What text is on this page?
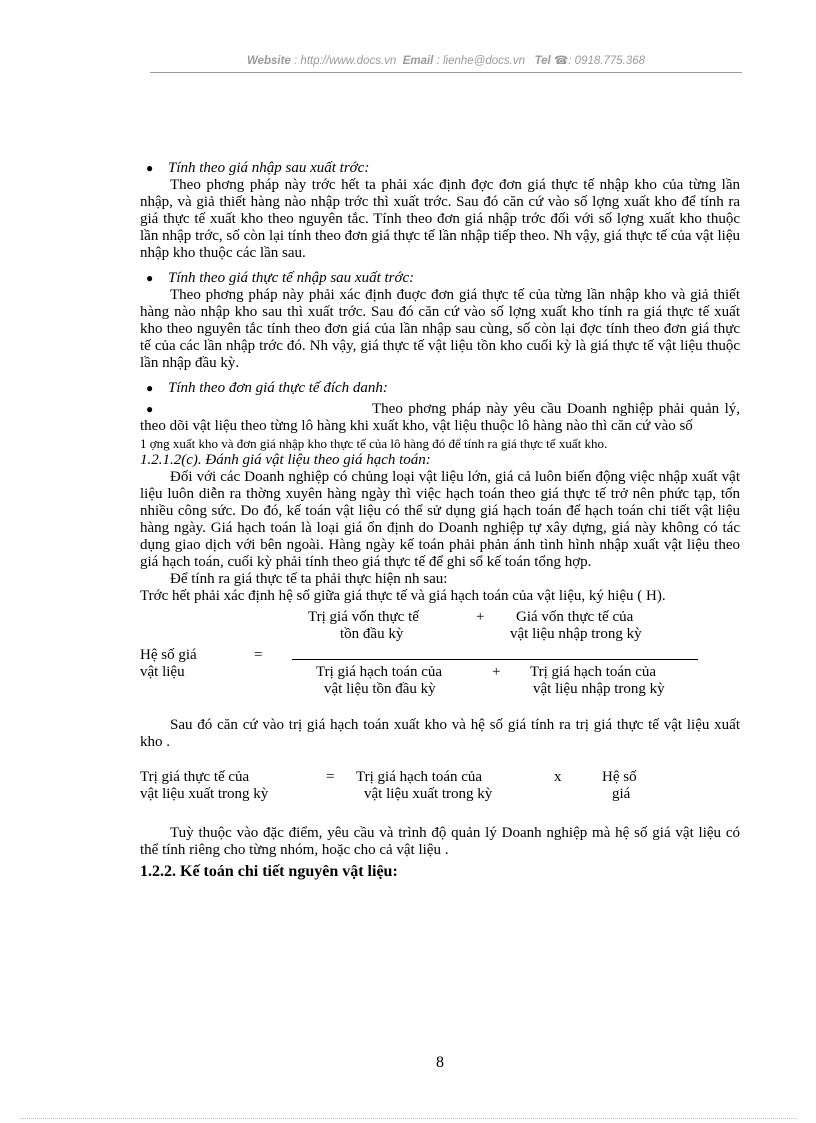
Website : http://www.docs.vn Email : lienhe@docs.vn Tel ☎: 0918.775.368
● Tính theo giá nhập sau xuất trớc:
Theo phơng pháp này trớc hết ta phải xác định đợc đơn giá thực tế nhập kho của từng lần nhập, và giả thiết hàng nào nhập trớc thì xuất trớc. Sau đó căn cứ vào số lợng xuất kho để tính ra giá thực tế xuất kho theo nguyên tắc. Tính theo đơn giá nhập trớc đối với số lợng xuất kho thuộc lần nhập trớc, số còn lại tính theo đơn giá thực tế lần nhập tiếp theo. Nh vậy, giá thực tế của vật liệu nhập kho thuộc các lần sau.
● Tính theo giá thực tế nhập sau xuất trớc:
Theo phơng pháp này phải xác định đuợc đơn giá thực tế của từng lần nhập kho và giả thiết hàng nào nhập kho sau thì xuất trớc. Sau đó căn cứ vào số lợng xuất kho tính ra giá thực tế xuất kho theo nguyên tắc tính theo đơn giá của lần nhập sau cùng, số còn lại đợc tính theo đơn giá thực tế của các lần nhập trớc đó. Nh vậy, giá thực tế vật liệu tồn kho cuối kỳ là giá thực tế vật liệu thuộc lần nhập đầu kỳ.
● Tính theo đơn giá thực tế đích danh:
●	Theo phơng pháp này yêu cầu Doanh nghiệp phải quản lý, theo dõi vật liệu theo từng lô hàng khi xuất kho, vật liệu thuộc lô hàng nào thì căn cứ vào số
1 ợng xuất kho và đơn giá nhập kho thực tế của lô hàng đó để tính ra giá thực tế xuất kho.
1.2.1.2(c). Đánh giá vật liệu theo giá hạch toán:
Đối với các Doanh nghiệp có chủng loại vật liệu lớn, giá cả luôn biến động việc nhập xuất vật liệu luôn diễn ra thờng xuyên hàng ngày thì việc hạch toán theo giá thực tế trở nên phức tạp, tốn nhiều công sức. Do đó, kế toán vật liệu có thể sử dụng giá hạch toán để hạch toán chi tiết vật liệu hàng ngày. Giá hạch toán là loại giá ổn định do Doanh nghiệp tự xây dựng, giá này không có tác dụng giao dịch với bên ngoài. Hàng ngày kế toán phải phản ánh tình hình nhập xuất vật liệu theo giá hạch toán, cuối kỳ phải tính theo giá thực tế để ghi sổ kế toán tổng hợp.
Để tính ra giá thực tế ta phải thực hiện nh sau:
Trớc hết phải xác định hệ số giữa giá thực tế và giá hạch toán của vật liệu, ký hiệu ( H).
Trị giá vốn thực tế
tồn đầu kỳ
+ Giá vốn thực tế của
vật liệu nhập trong kỳ
Hệ số giá	=
vật liệu	Trị giá hạch toán của
vật liệu tồn đầu kỳ
+ Trị giá hạch toán của
vật liệu nhập trong kỳ
Sau đó căn cứ vào trị giá hạch toán xuất kho và hệ số giá tính ra trị giá thực tế vật liệu xuất kho .
Trị giá thực tế của
vật liệu xuất trong kỳ
= Trị giá hạch toán của
vật liệu xuất trong kỳ
x	Hệ số
giá
Tuỳ thuộc vào đặc điểm, yêu cầu và trình độ quản lý Doanh nghiệp mà hệ số giá vật liệu có thể tính riêng cho từng nhóm, hoặc cho cả vật liệu .
1.2.2. Kế toán chi tiết nguyên vật liệu:
8
